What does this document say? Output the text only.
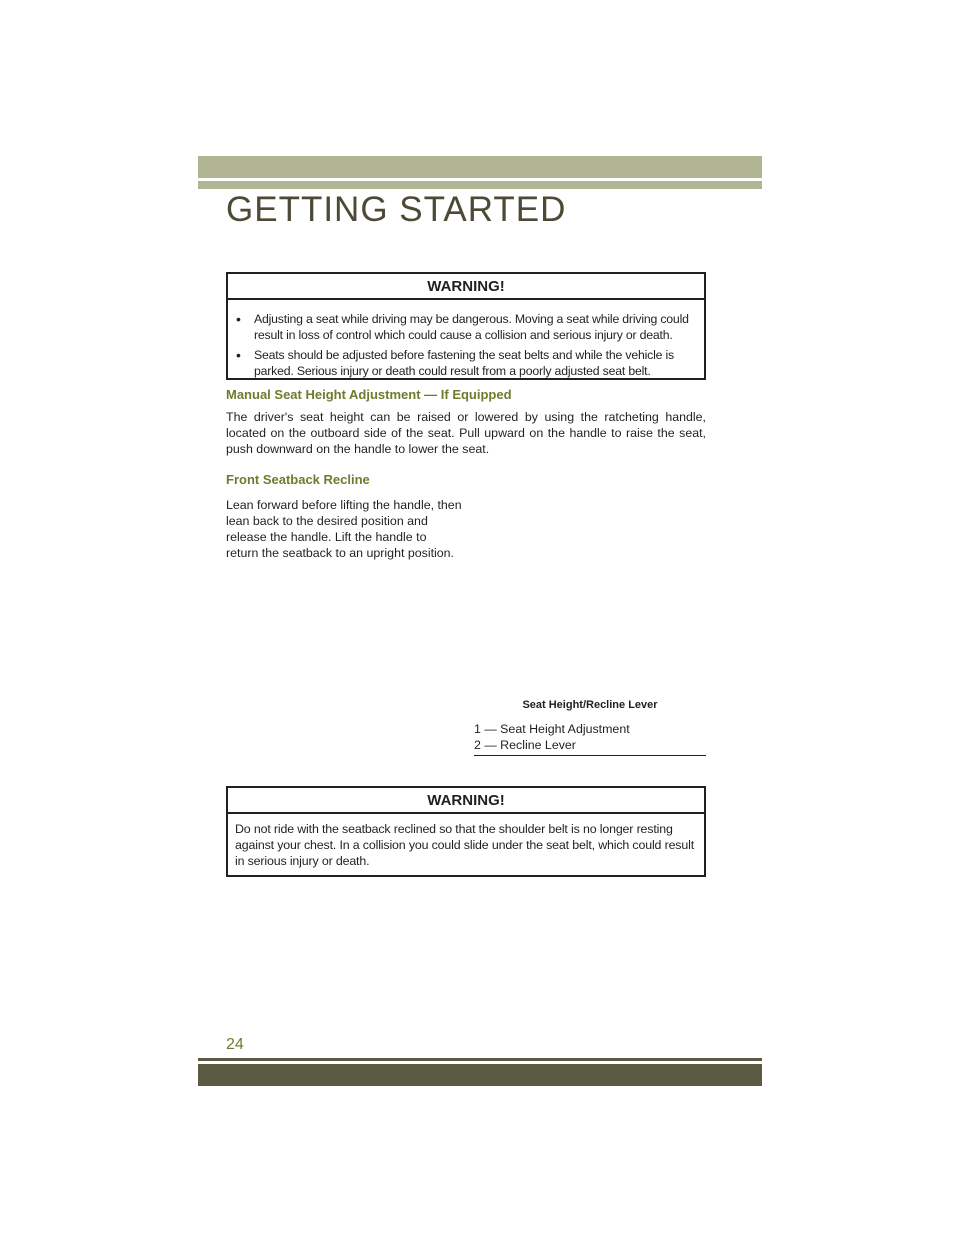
GETTING STARTED
WARNING!
• Adjusting a seat while driving may be dangerous. Moving a seat while driving could result in loss of control which could cause a collision and serious injury or death.
• Seats should be adjusted before fastening the seat belts and while the vehicle is parked. Serious injury or death could result from a poorly adjusted seat belt.
Manual Seat Height Adjustment — If Equipped
The driver's seat height can be raised or lowered by using the ratcheting handle, located on the outboard side of the seat. Pull upward on the handle to raise the seat, push downward on the handle to lower the seat.
Front Seatback Recline
Lean forward before lifting the handle, then lean back to the desired position and release the handle. Lift the handle to return the seatback to an upright position.
Seat Height/Recline Lever
1 — Seat Height Adjustment
2 — Recline Lever
WARNING!

Do not ride with the seatback reclined so that the shoulder belt is no longer resting against your chest. In a collision you could slide under the seat belt, which could result in serious injury or death.

24
